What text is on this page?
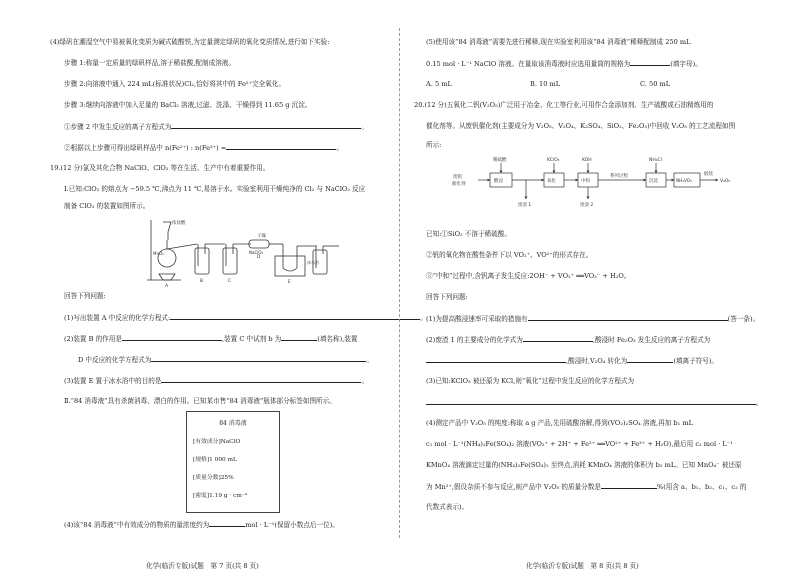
(4)绿矾在潮湿空气中易被氧化变质为碱式硫酸铁,为定量测定绿矾的氧化变质情况,进行如下实验:
步骤 1:称量一定质量的绿矾样品,溶于稀盐酸,配制成溶液。
步骤 2:向溶液中通入 224 mL(标准状况)Cl₂,恰好将其中的 Fe²⁺完全氧化。
步骤 3:继续向溶液中加入足量的 BaCl₂ 溶液,过滤、洗涤、干燥得到 11.65 g 沉淀。
①步骤 2 中发生反应的离子方程式为	。
②根据以上步骤可得出绿矾样品中 n(Fe²⁺) : n(Fe³⁺) =	。
19.(12 分)氯及其化合物 NaClO、ClO₂ 等在生活、生产中有着重要作用。
Ⅰ.已知:ClO₂ 的熔点为 −59.5 ℃,沸点为 11 ℃,易溶于水。实验室利用干燥纯净的 Cl₂ 与 NaClO₂ 反应
制备 ClO₂ 的装置如图所示。
浓盐酸
干燥
MnO₂	NaClO₂
冰水浴
A
B	C
D
E
回答下列问题:
(1)写出装置 A 中反应的化学方程式:	。
(2)装置 B 的作用是	,装置 C 中试剂 b 为	(填名称),装置
D 中反应的化学方程式为	。
(3)装置 E 置于冰水浴中的目的是	。
Ⅱ.“84 消毒液”具有杀菌消毒、漂白的作用。已知某市售“84 消毒液”瓶体部分标签如图所示。
84 消毒液
[有效成分]NaClO
[规格]1 000 mL
[质量分数]25%
[密度]1.19 g · cm⁻³
(4)该“84 消毒液”中有效成分的物质的量浓度约为	mol · L⁻¹(保留小数点后一位)。
化学(临沂专版)试题　第 7 页(共 8 页)
(5)使用该“84 消毒液”需要先进行稀释,现在实验室利用该“84 消毒液”稀释配制成 250 mL
0.15 mol · L⁻¹ NaClO 溶液。在量取该消毒液时应选用量筒的规格为	(填字母)。
A. 5 mL	B. 10 mL	C. 50 mL
20.(12 分)五氧化二钒(V₂O₅)广泛用于冶金、化工等行业,可用作合金添加剂、生产硫酸或石油精炼用的
催化剂等。从废钒催化剂(主要成分为 V₂O₅、V₂O₄、K₂SO₄、SiO₂、Fe₂O₃)中回收 V₂O₅ 的工艺流程如图
所示:
废钒
催化剂
稀硫酸	KClO₃	KOH	NH₄Cl
酸浸	氧化	中和	沉淀	NH₄VO₃
系列过程
废渣 1	废渣 2
煅烧
V₂O₅
已知:①SiO₂ 不溶于稀硫酸。
②钒的氧化物在酸性条件下以 VO₂⁺、VO²⁺的形式存在。
③“中和”过程中,含钒离子发生反应:2OH⁻ + VO₂⁺ ══VO₃⁻ + H₂O。
回答下列问题:
(1)为提高酸浸速率可采取的措施有	(答一条)。
(2)废渣 1 的主要成分的化学式为	,酸浸时 Fe₂O₃ 发生反应的离子方程式为
,酸浸时,V₂O₄ 转化为	(填离子符号)。
(3)已知:KClO₃ 被还原为 KCl,则“氧化”过程中发生反应的化学方程式为
。
(4)测定产品中 V₂O₅ 的纯度:称取 a g 产品,先用硫酸溶解,得到(VO₂)₂SO₄ 溶液,再加 b₁ mL
c₁ mol · L⁻¹(NH₄)₂Fe(SO₄)₂ 溶液(VO₂⁺ + 2H⁺ + Fe²⁺ ══VO²⁺ + Fe³⁺ + H₂O),最后用 c₂ mol · L⁻¹
KMnO₄ 溶液滴定过量的(NH₄)₂Fe(SO₄)₂ 至终点,消耗 KMnO₄ 溶液的体积为 b₂ mL。已知 MnO₄⁻ 被还原
为 Mn²⁺,假设杂质不参与反应,则产品中 V₂O₅ 的质量分数是	%(用含 a、b₁、b₂、c₁、c₂ 的
代数式表示)。
化学(临沂专版)试题　第 8 页(共 8 页)
